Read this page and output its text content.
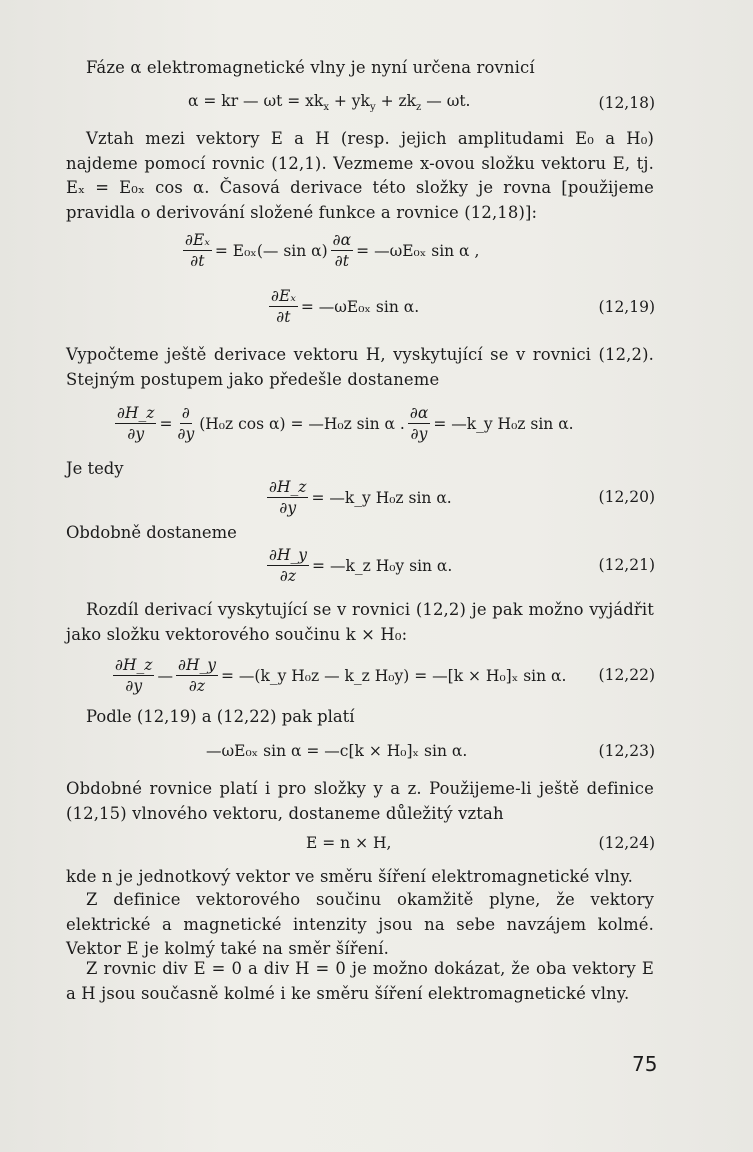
Fáze α elektromagnetické vlny je nyní určena rovnicí
α = kr — $\omega t = xk_x + yk_y + zk_z$ — ωt.	(12,18)
Vztah mezi vektory E a H (resp. jejich amplitudami E₀ a H₀) najdeme pomocí rovnic (12,1). Vezmeme x-ovou složku vektoru E, tj. Eₓ = E₀ₓ cos α. Časová derivace této složky je rovna [použijeme pravidla o derivování složené funkce a rovnice (12,18)]:
$\frac{\text{∂Eₓ}}{\partial t}$ = E₀ₓ(— $\sin \alpha) \frac{\partial\alpha}{\partial t}$ = —ωE₀ₓ sin α ,
$\frac{\text{∂Eₓ}}{\partial t}$ = —ωE₀ₓ sin α.	(12,19)
Vypočteme ještě derivace vektoru H, vyskytující se v rovnici (12,2). Stejným postupem jako předešle dostaneme
$\frac{\partial H\_z}{\partial y} = \frac{\partial}{\partial y} (H_0z$ cos α) = —H₀z sin α . $\frac{\partial\alpha}{\partial y}$ = —k_y H₀z sin α.
Je tedy
$\frac{\partial H\_z}{\partial y}$ = —k_y H₀z sin α.	(12,20)
Obdobně dostaneme
$\frac{\partial H\_y}{\partial z}$ = —k_z H₀y sin α.	(12,21)
Rozdíl derivací vyskytující se v rovnici (12,2) je pak možno vyjádřit jako složku vektorového součinu k × H₀:
$\frac{\partial H\_z}{\partial y}$ — $\frac{\partial H\_y}{\partial z}$ = —(k_y H₀z — k_z H₀y) = —[k × H₀]ₓ sin α. (12,22)
Podle (12,19) a (12,22) pak platí
—ωE₀ₓ sin α = —c[k × H₀]ₓ sin α.	(12,23)
Obdobné rovnice platí i pro složky y a z. Použijeme-li ještě definice (12,15) vlnového vektoru, dostaneme důležitý vztah
E = n × H,	(12,24)
kde n je jednotkový vektor ve směru šíření elektromagnetické vlny.
Z definice vektorového součinu okamžitě plyne, že vektory elektrické a magnetické intenzity jsou na sebe navzájem kolmé. Vektor E je kolmý také na směr šíření.
Z rovnic div E = 0 a div H = 0 je možno dokázat, že oba vektory E a H jsou současně kolmé i ke směru šíření elektromagnetické vlny.
75
